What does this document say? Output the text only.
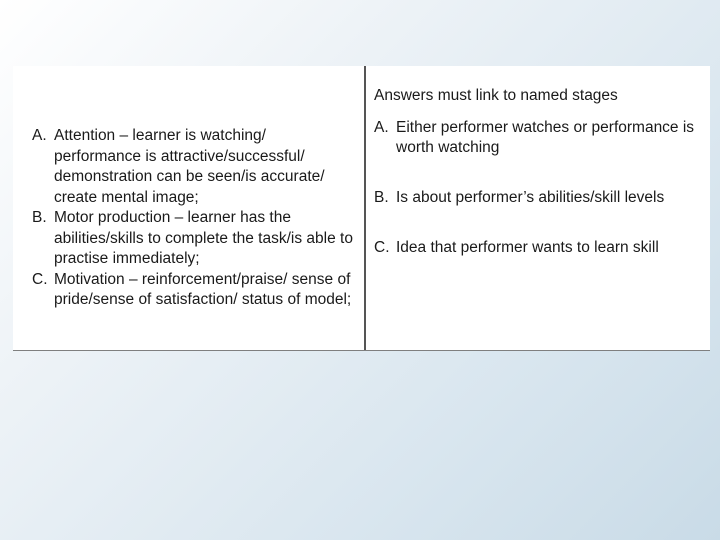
A. Attention – learner is watching/ performance is attractive/successful/ demonstration can be seen/is accurate/ create mental image;
B. Motor production – learner has the abilities/skills to complete the task/is able to practise immediately;
C. Motivation – reinforcement/praise/ sense of pride/sense of satisfaction/ status of model;
Answers must link to named stages
A. Either performer watches or performance is worth watching
B. Is about performer’s abilities/skill levels
C. Idea that performer wants to learn skill
